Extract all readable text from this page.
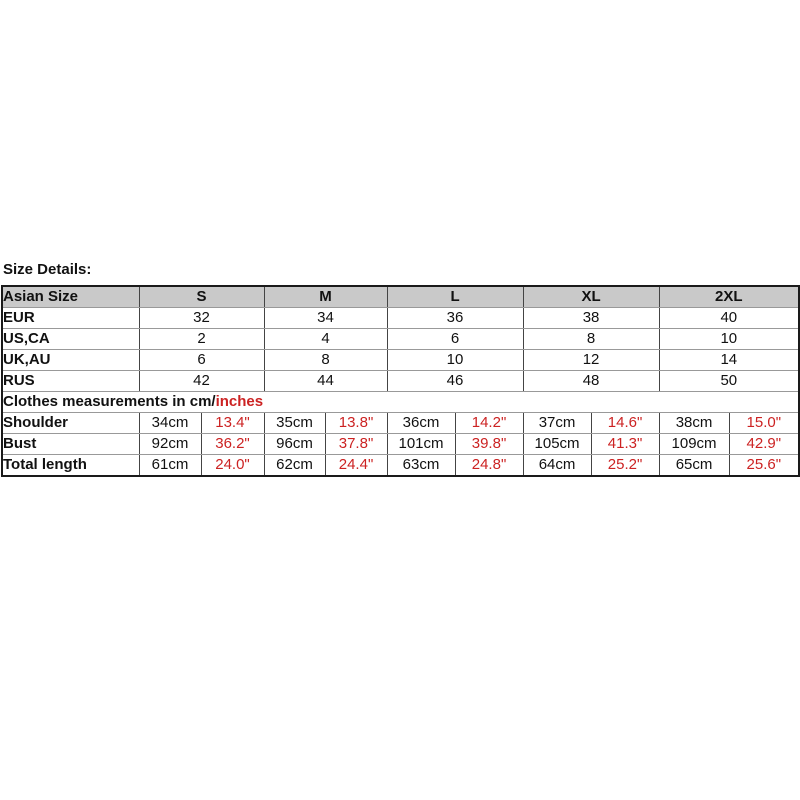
Size Details:
Asian Size	S		M		L		XL		2XL	
EUR	32		34		36		38		40	
US,CA	2		4		6		8		10	
UK,AU	6		8		10		12		14	
RUS	42		44		46		48		50	
Clothes measurements in cm/inches										
Shoulder	34cm	13.4"	35cm	13.8"	36cm	14.2"	37cm	14.6"	38cm	15.0"
Bust	92cm	36.2"	96cm	37.8"	101cm	39.8"	105cm	41.3"	109cm	42.9"
Total length	61cm	24.0"	62cm	24.4"	63cm	24.8"	64cm	25.2"	65cm	25.6"
